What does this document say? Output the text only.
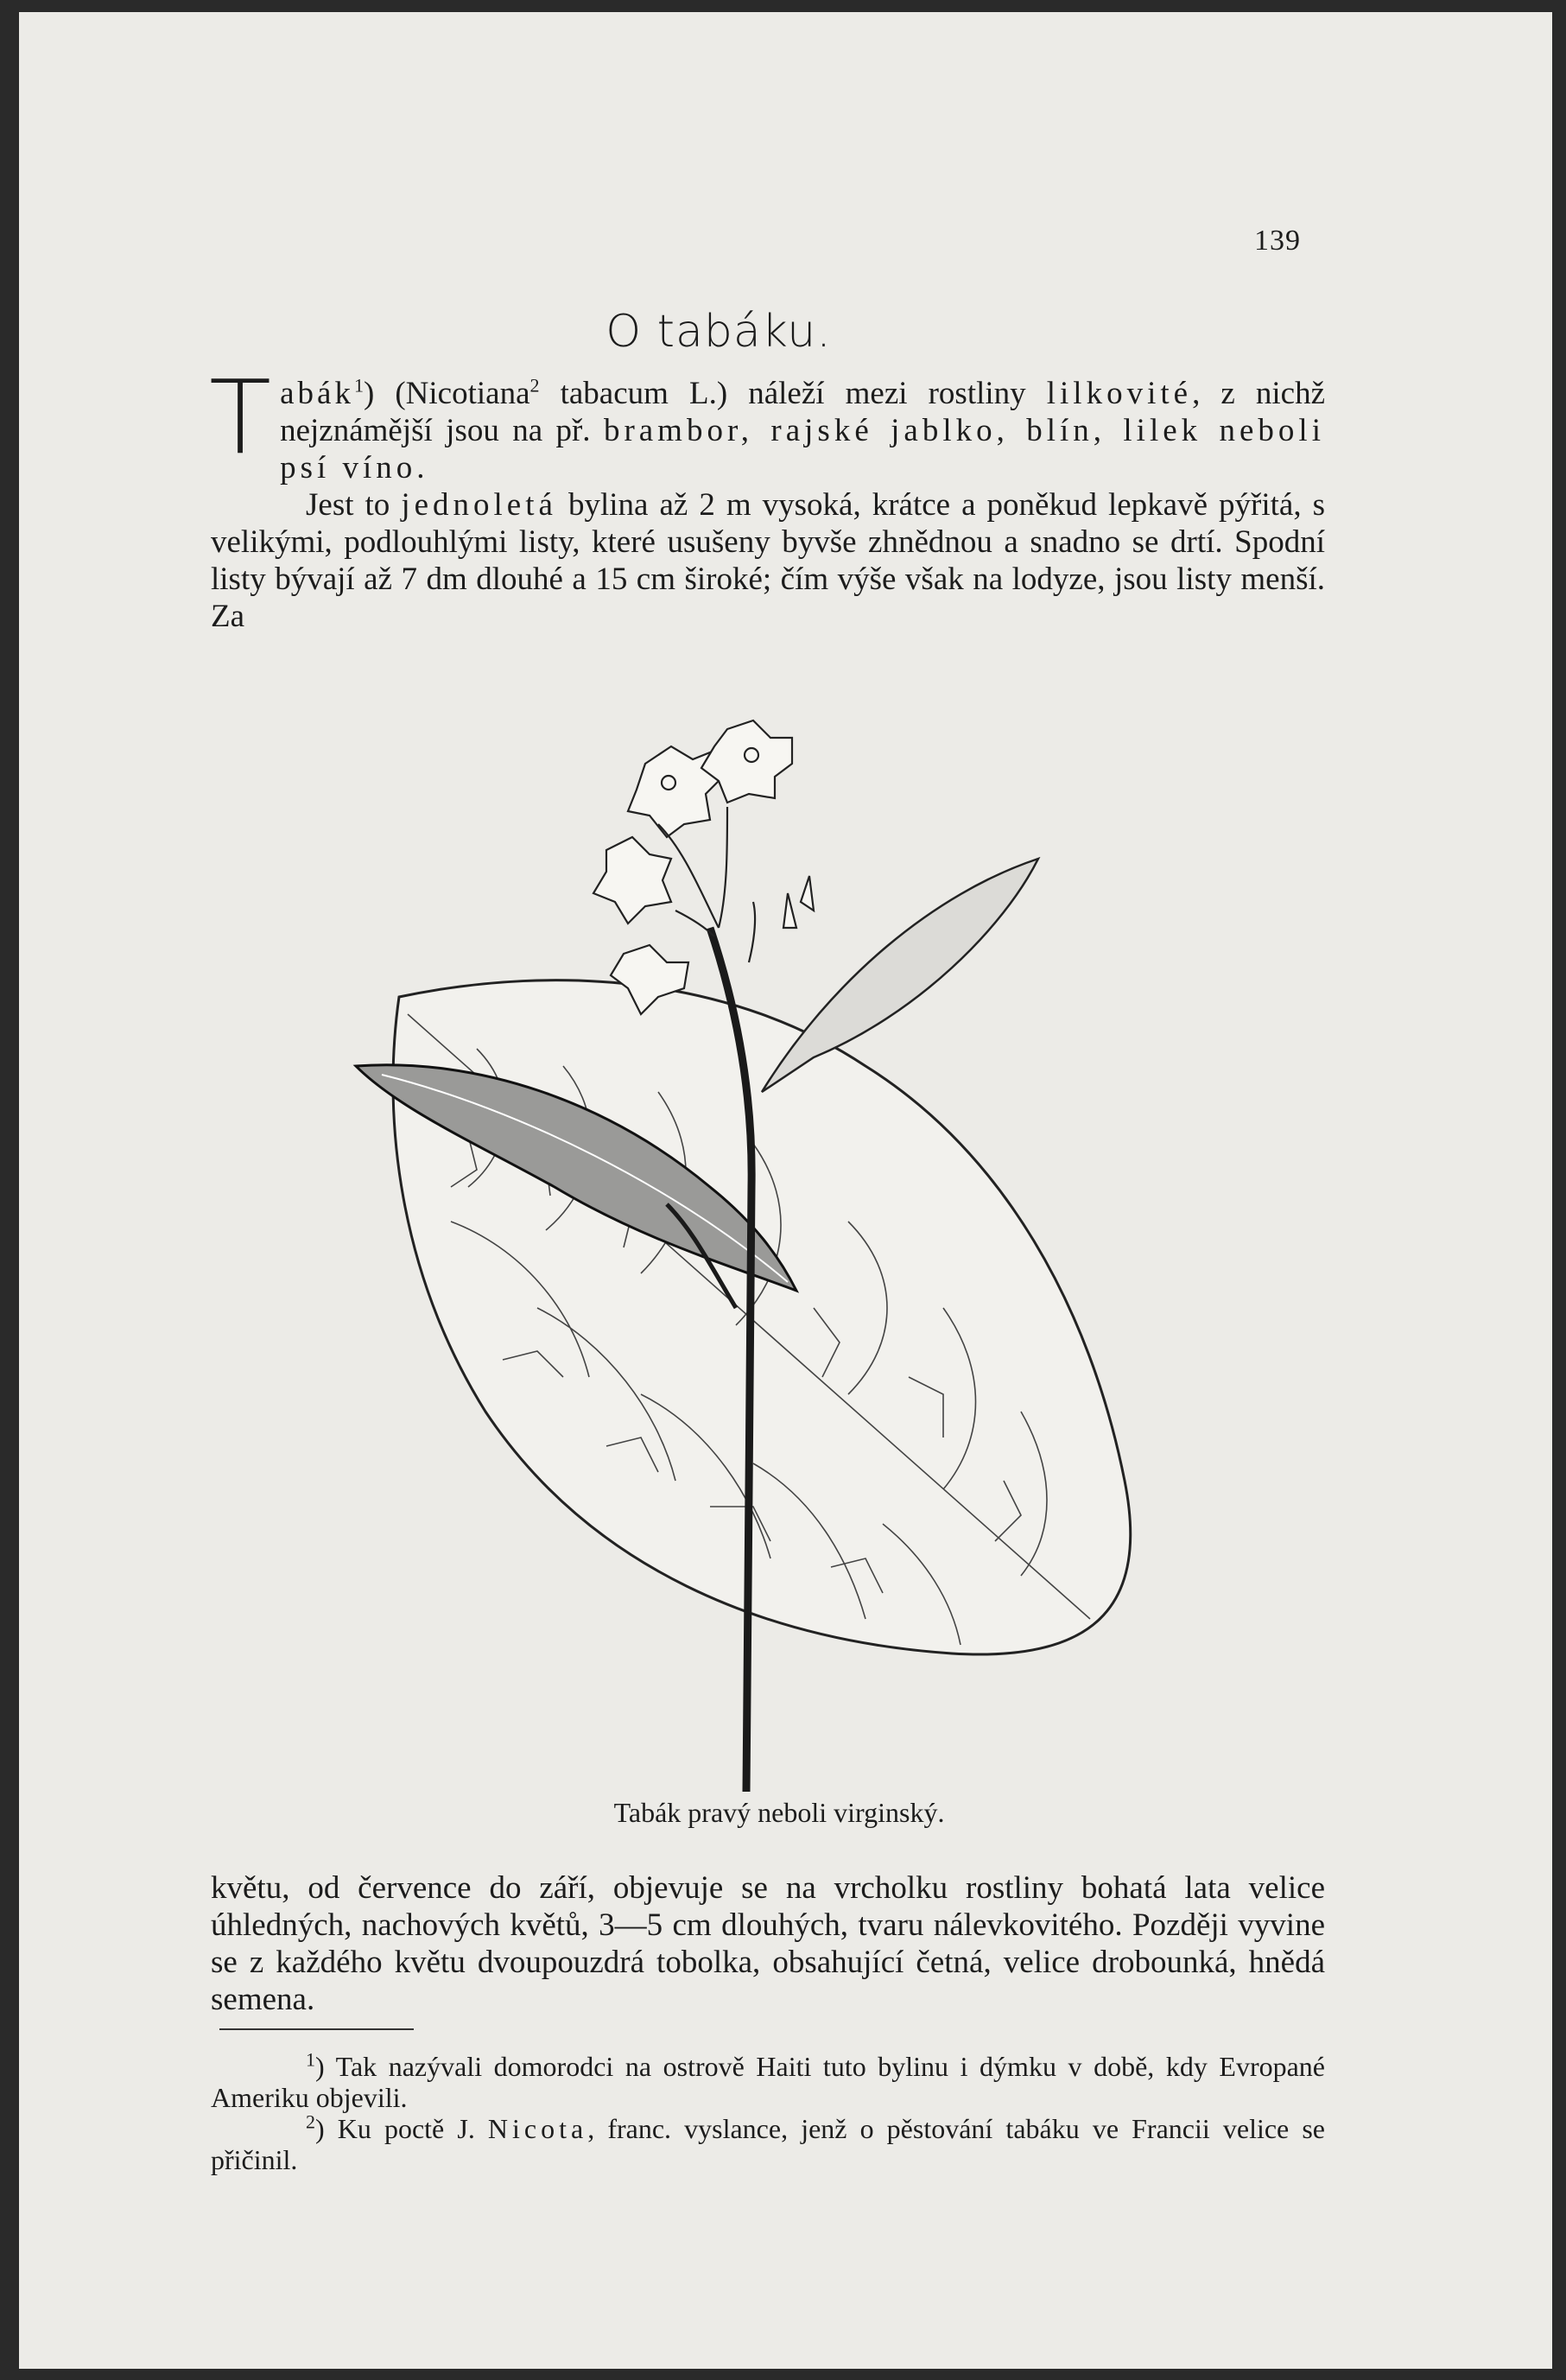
139
O tabáku.
Tabák$^1$) (Nicotiana$^2$ tabacum L.) náleží mezi rostliny lilkovité, z nichž nejznámější jsou na př. brambor, rajské jablko, blín, lilek neboli psí víno.
Jest to jednoletá bylina až 2 m vysoká, krátce a poněkud lepkavě pýřitá, s velikými, podlouhlými listy, které usušeny byvše zhnědnou a snadno se drtí. Spodní listy bývají až 7 dm dlouhé a 15 cm široké; čím výše však na lodyze, jsou listy menší. Za
Tabák pravý neboli virginský.
květu, od července do září, objevuje se na vrcholku rostliny bohatá lata velice úhledných, nachových květů, 3—5 cm dlouhých, tvaru nálevkovitého. Později vyvine se z každého květu dvoupouzdrá tobolka, obsahující četná, velice drobounká, hnědá semena.
$^1$) Tak nazývali domorodci na ostrově Haiti tuto bylinu i dýmku v době, kdy Evropané Ameriku objevili.
$^2$) Ku poctě J. Nicota, franc. vyslance, jenž o pěstování tabáku ve Francii velice se přičinil.
